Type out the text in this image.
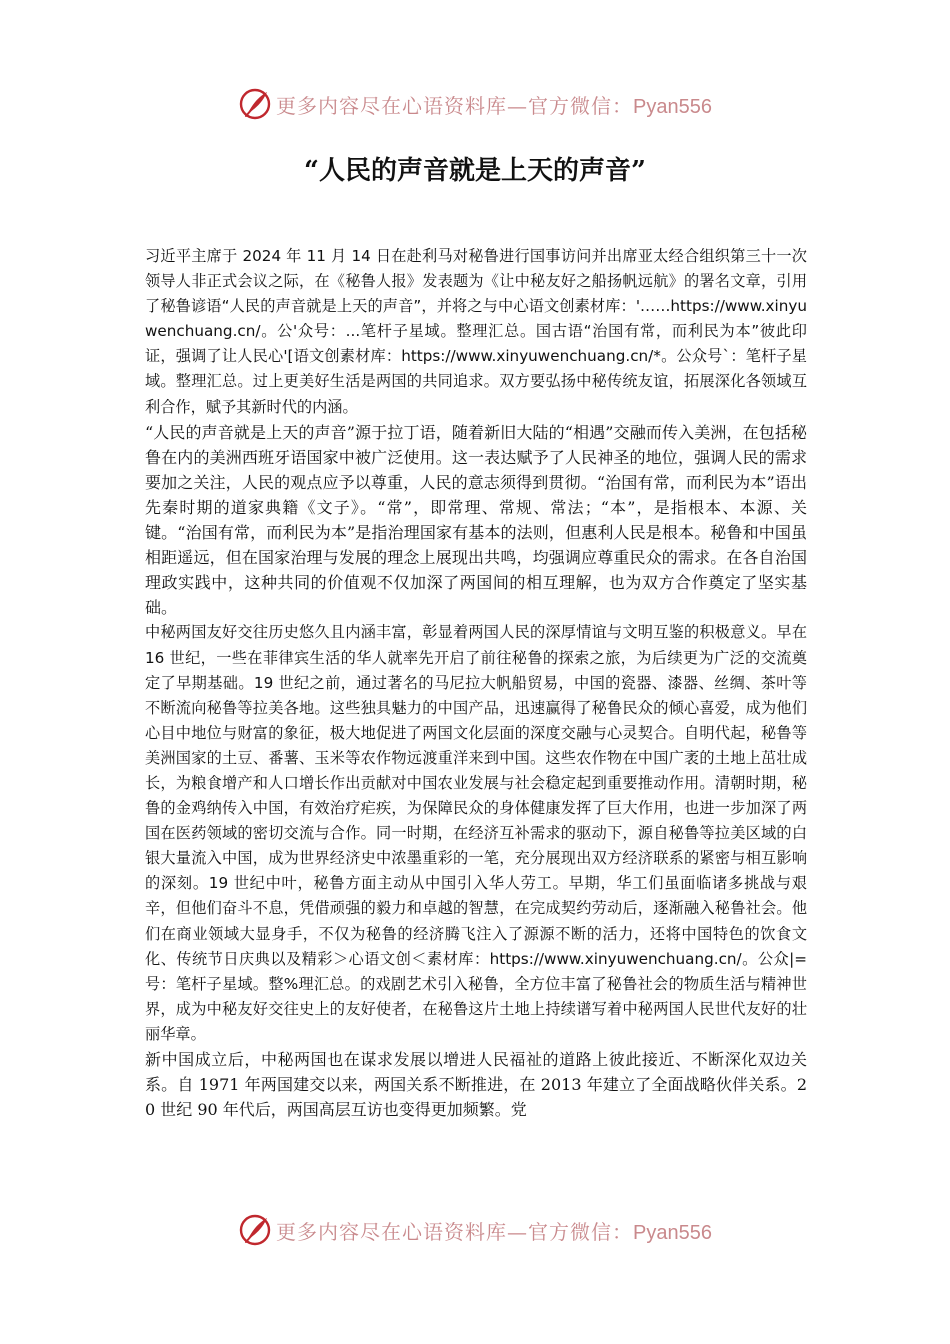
更多内容尽在心语资料库—官方微信：Pyan556
“人民的声音就是上天的声音”

习近平主席于 2024 年 11 月 14 日在赴利马对秘鲁进行国事访问并出席亚太经合组织第三十一次领导人非正式会议之际，在《秘鲁人报》发表题为《让中秘友好之船扬帆远航》的署名文章，引用了秘鲁谚语“人民的声音就是上天的声音”，并将之与中心语文创素材库：'……https://www.xinyuwenchuang.cn/。公'众号：...笔杆子星域。整理汇总。国古语“治国有常，而利民为本”彼此印证，强调了让人民心'[语文创素材库：https://www.xinyuwenchuang.cn/*。公众号`：笔杆子星域。整理汇总。过上更美好生活是两国的共同追求。双方要弘扬中秘传统友谊，拓展深化各领域互利合作，赋予其新时代的内涵。

“人民的声音就是上天的声音”源于拉丁语，随着新旧大陆的“相遇”交融而传入美洲，在包括秘鲁在内的美洲西班牙语国家中被广泛使用。这一表达赋予了人民神圣的地位，强调人民的需求要加之关注，人民的观点应予以尊重，人民的意志须得到贯彻。“治国有常，而利民为本”语出先秦时期的道家典籍《文子》。“常”，即常理、常规、常法；“本”，是指根本、本源、关键。“治国有常，而利民为本”是指治理国家有基本的法则，但惠利人民是根本。秘鲁和中国虽相距遥远，但在国家治理与发展的理念上展现出共鸣，均强调应尊重民众的需求。在各自治国理政实践中，这种共同的价值观不仅加深了两国间的相互理解，也为双方合作奠定了坚实基础。

中秘两国友好交往历史悠久且内涵丰富，彰显着两国人民的深厚情谊与文明互鉴的积极意义。早在 16 世纪，一些在菲律宾生活的华人就率先开启了前往秘鲁的探索之旅，为后续更为广泛的交流奠定了早期基础。19 世纪之前，通过著名的马尼拉大帆船贸易，中国的瓷器、漆器、丝绸、茶叶等不断流向秘鲁等拉美各地。这些独具魅力的中国产品，迅速赢得了秘鲁民众的倾心喜爱，成为他们心目中地位与财富的象征，极大地促进了两国文化层面的深度交融与心灵契合。自明代起，秘鲁等美洲国家的土豆、番薯、玉米等农作物远渡重洋来到中国。这些农作物在中国广袤的土地上茁壮成长，为粮食增产和人口增长作出贡献对中国农业发展与社会稳定起到重要推动作用。清朝时期，秘鲁的金鸡纳传入中国，有效治疗疟疾，为保障民众的身体健康发挥了巨大作用，也进一步加深了两国在医药领域的密切交流与合作。同一时期，在经济互补需求的驱动下，源自秘鲁等拉美区域的白银大量流入中国，成为世界经济史中浓墨重彩的一笔，充分展现出双方经济联系的紧密与相互影响的深刻。19 世纪中叶，秘鲁方面主动从中国引入华人劳工。早期，华工们虽面临诸多挑战与艰辛，但他们奋斗不息，凭借顽强的毅力和卓越的智慧，在完成契约劳动后，逐渐融入秘鲁社会。他们在商业领域大显身手，不仅为秘鲁的经济腾飞注入了源源不断的活力，还将中国特色的饮食文化、传统节日庆典以及精彩＞心语文创＜素材库：https://www.xinyuwenchuang.cn/。公众|=号：笔杆子星域。整%理汇总。的戏剧艺术引入秘鲁，全方位丰富了秘鲁社会的物质生活与精神世界，成为中秘友好交往史上的友好使者，在秘鲁这片土地上持续谱写着中秘两国人民世代友好的壮丽华章。

新中国成立后，中秘两国也在谋求发展以增进人民福祉的道路上彼此接近、不断深化双边关系。自 1971 年两国建交以来，两国关系不断推进，在 2013 年建立了全面战略伙伴关系。20 世纪 90 年代后，两国高层互访也变得更加频繁。党

更多内容尽在心语资料库—官方微信：Pyan556
